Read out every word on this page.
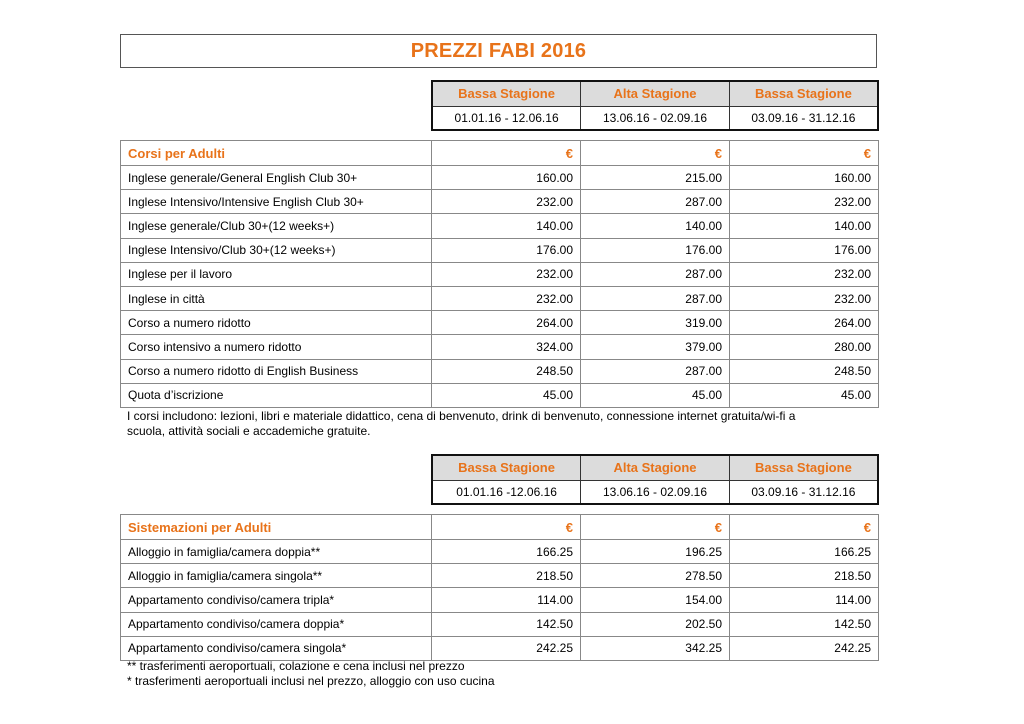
PREZZI FABI 2016
Bassa Stagione	Alta Stagione	Bassa Stagione
01.01.16 - 12.06.16	13.06.16 - 02.09.16	03.09.16 - 31.12.16
Corsi per Adulti	€	€	€
Inglese generale/General English Club 30+	160.00	215.00	160.00
Inglese Intensivo/Intensive English Club 30+	232.00	287.00	232.00
Inglese generale/Club 30+(12 weeks+)	140.00	140.00	140.00
Inglese Intensivo/Club 30+(12 weeks+)	176.00	176.00	176.00
Inglese per il lavoro	232.00	287.00	232.00
Inglese in città	232.00	287.00	232.00
Corso a numero ridotto	264.00	319.00	264.00
Corso intensivo a numero ridotto	324.00	379.00	280.00
Corso a numero ridotto di English Business	248.50	287.00	248.50
Quota d’iscrizione	45.00	45.00	45.00
I corsi includono: lezioni, libri e materiale didattico, cena di benvenuto, drink di benvenuto, connessione internet gratuita/wi-fi a scuola, attività sociali e accademiche gratuite.
Bassa Stagione	Alta Stagione	Bassa Stagione
01.01.16 -12.06.16	13.06.16 - 02.09.16	03.09.16 - 31.12.16
Sistemazioni per Adulti	€	€	€
Alloggio in famiglia/camera doppia**	166.25	196.25	166.25
Alloggio in famiglia/camera singola**	218.50	278.50	218.50
Appartamento condiviso/camera tripla*	114.00	154.00	114.00
Appartamento condiviso/camera doppia*	142.50	202.50	142.50
Appartamento condiviso/camera singola*	242.25	342.25	242.25
** trasferimenti aeroportuali, colazione e cena inclusi nel prezzo
* trasferimenti aeroportuali inclusi nel prezzo, alloggio con uso cucina
